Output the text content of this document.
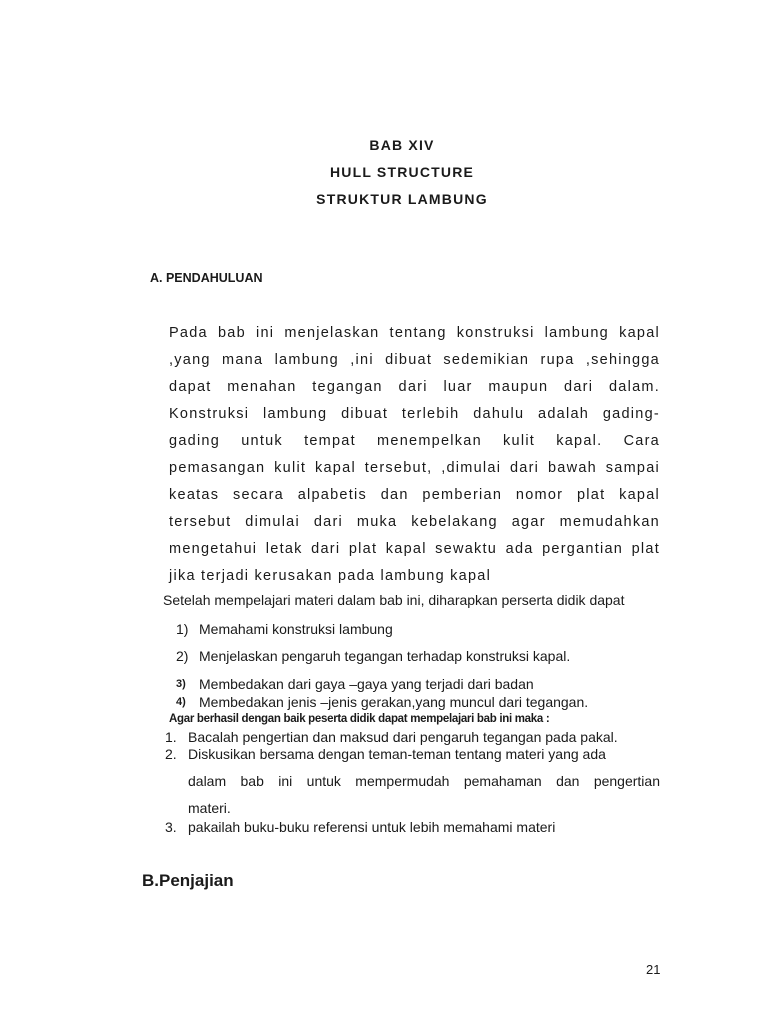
BAB XIV
HULL STRUCTURE
STRUKTUR LAMBUNG
A. PENDAHULUAN

Pada bab ini menjelaskan tentang konstruksi lambung kapal
,yang mana lambung ,ini dibuat sedemikian rupa ,sehingga
dapat menahan tegangan dari luar maupun dari dalam.
Konstruksi lambung dibuat terlebih dahulu adalah gading-
gading untuk tempat menempelkan kulit kapal. Cara
pemasangan kulit kapal tersebut, ,dimulai dari bawah sampai
keatas secara alpabetis dan pemberian nomor plat kapal
tersebut dimulai dari muka kebelakang agar memudahkan
mengetahui letak dari plat kapal sewaktu ada pergantian plat
jika terjadi kerusakan pada lambung kapal

Setelah mempelajari materi dalam bab ini, diharapkan perserta didik dapat
1) Memahami konstruksi lambung
2) Menjelaskan pengaruh tegangan terhadap konstruksi kapal.
3) Membedakan dari gaya –gaya yang terjadi dari badan
4) Membedakan jenis –jenis gerakan,yang muncul dari tegangan.
Agar berhasil dengan baik peserta didik dapat mempelajari bab ini maka :
1. Bacalah pengertian dan maksud dari pengaruh tegangan pada pakal.
2. Diskusikan bersama dengan teman-teman tentang materi yang ada
dalam bab ini untuk mempermudah pemahaman dan pengertian
materi.
3. pakailah buku-buku referensi untuk lebih memahami materi
B.Penjajian
21
